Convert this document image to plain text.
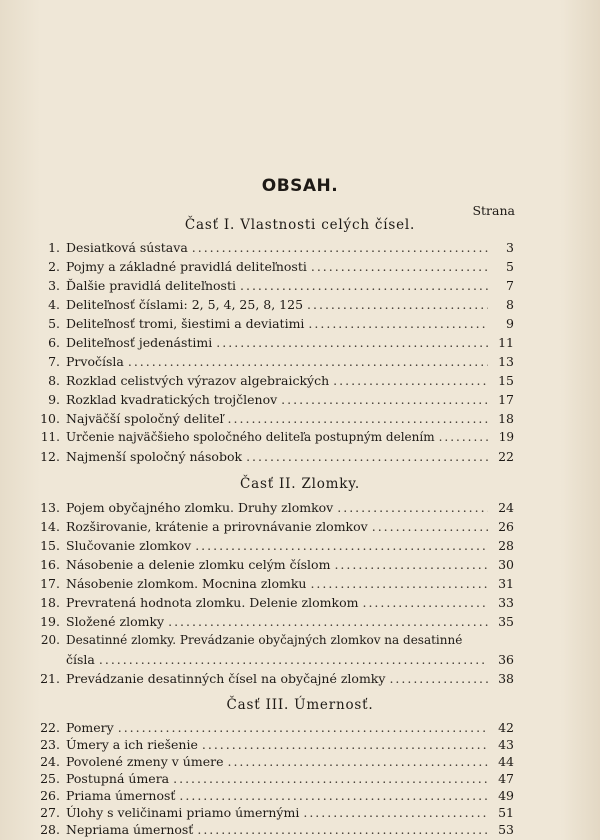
OBSAH.
Strana
Časť I. Vlastnosti celých čísel.
1. Desiatková sústava .....	3
2. Pojmy a základné pravidlá deliteľnosti .....	5
3. Ďalšie pravidlá deliteľnosti .....	7
4. Deliteľnosť číslami: 2, 5, 4, 25, 8, 125 .....	8
5. Deliteľnosť tromi, šiestimi a deviatimi .....	9
6. Deliteľnosť jedenástimi .....	11
7. Prvočísla .....	13
8. Rozklad celistvých výrazov algebraických .....	15
9. Rozklad kvadratických trojčlenov .....	17
10. Najväčší spoločný deliteľ .....	18
11. Určenie najväčšieho spoločného deliteľa postupným delením .....	19
12. Najmenší spoločný násobok .....	22
Časť II. Zlomky.
13. Pojem obyčajného zlomku. Druhy zlomkov .....	24
14. Rozširovanie, krátenie a prirovnávanie zlomkov .....	26
15. Slučovanie zlomkov .....	28
16. Násobenie a delenie zlomku celým číslom .....	30
17. Násobenie zlomkom. Mocnina zlomku .....	31
18. Prevratená hodnota zlomku. Delenie zlomkom .....	33
19. Složené zlomky .....	35
20. Desatinné zlomky. Prevádzanie obyčajných zlomkov na desatinné
čísla .....	36
21. Prevádzanie desatinných čísel na obyčajné zlomky .....	38
Časť III. Úmernosť.
22. Pomery .....	42
23. Úmery a ich riešenie .....	43
24. Povolené zmeny v úmere .....	44
25. Postupná úmera .....	47
26. Priama úmernosť .....	49
27. Úlohy s veličinami priamo úmernými .....	51
28. Nepriama úmernosť .....	53
